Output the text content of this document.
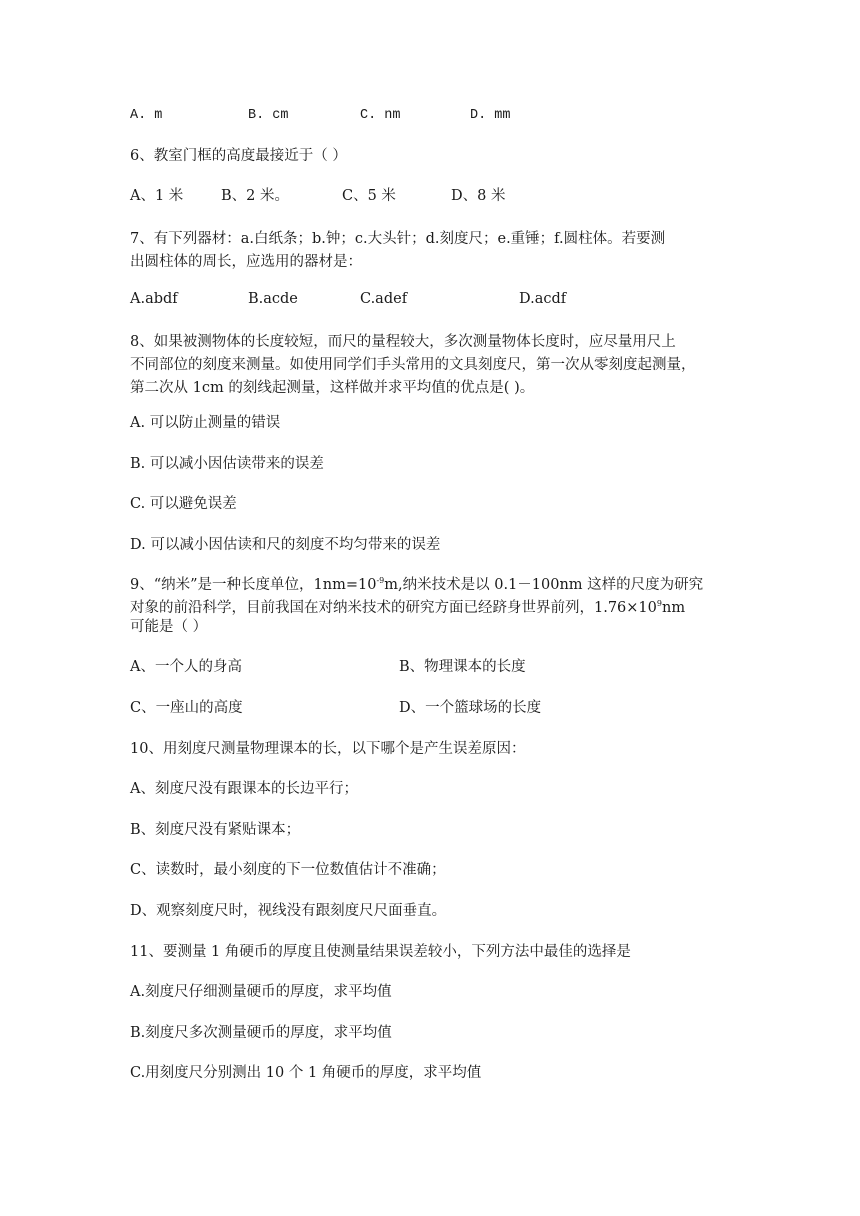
A. m	B. cm	C. nm	D. mm
6、教室门框的高度最接近于（ ）
A、1 米	B、2 米。	C、5 米	D、8 米
7、有下列器材：a.白纸条；b.钟；c.大头针；d.刻度尺；e.重锤；f.圆柱体。若要测
出圆柱体的周长，应选用的器材是：
A.abdf	B.acde	C.adef	D.acdf
8、如果被测物体的长度较短，而尺的量程较大，多次测量物体长度时，应尽量用尺上
不同部位的刻度来测量。如使用同学们手头常用的文具刻度尺，第一次从零刻度起测量，
第二次从 1cm 的刻线起测量，这样做并求平均值的优点是( )。
A. 可以防止测量的错误
B. 可以减小因估读带来的误差
C. 可以避免误差
D. 可以减小因估读和尺的刻度不均匀带来的误差
9、“纳米”是一种长度单位，$1nm=10^{-9}m$,纳米技术是以 0.1－100nm 这样的尺度为研究
对象的前沿科学，目前我国在对纳米技术的研究方面已经跻身世界前列，$1.76\times 10^9nm$
可能是（ ）
A、一个人的身高	B、物理课本的长度
C、一座山的高度	D、一个篮球场的长度
10、用刻度尺测量物理课本的长，以下哪个是产生误差原因：
A、刻度尺没有跟课本的长边平行；
B、刻度尺没有紧贴课本；
C、读数时，最小刻度的下一位数值估计不准确；
D、观察刻度尺时，视线没有跟刻度尺尺面垂直。
11、要测量 1 角硬币的厚度且使测量结果误差较小，下列方法中最佳的选择是
A.刻度尺仔细测量硬币的厚度，求平均值
B.刻度尺多次测量硬币的厚度，求平均值
C.用刻度尺分别测出 10 个 1 角硬币的厚度，求平均值
